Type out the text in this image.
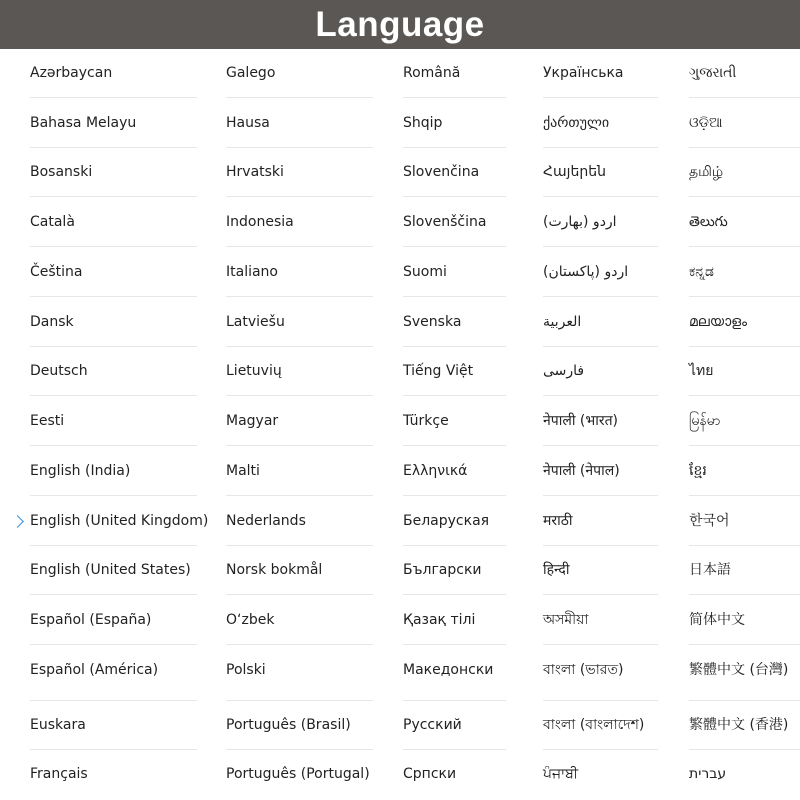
Language
Azərbaycan
Bahasa Melayu
Bosanski
Català
Čeština
Dansk
Deutsch
Eesti
English (India)
English (United Kingdom)
English (United States)
Español (España)
Español (América)
Euskara
Français
Galego
Hausa
Hrvatski
Indonesia
Italiano
Latviešu
Lietuvių
Magyar
Malti
Nederlands
Norsk bokmål
O‘zbek
Polski
Português (Brasil)
Português (Portugal)
Română
Shqip
Slovenčina
Slovenščina
Suomi
Svenska
Tiếng Việt
Türkçe
Ελληνικά
Беларуская
Български
Қазақ тілі
Македонски
Русский
Српски
Українська
ქართული
Հայերեն
اردو (بھارت)
اردو (پاکستان)
العربية
فارسی
नेपाली (भारत)
नेपाली (नेपाल)
मराठी
हिन्दी
অসমীয়া
বাংলা (ভারত)
বাংলা (বাংলাদেশ)
ਪੰਜਾਬੀ
ગુજરાતી
ଓଡ଼ିଆ
தமிழ்
తెలుగు
ಕನ್ನಡ
മലയാളം
ไทย
မြန်မာ
ខ្មែរ
한국어
日本語
简体中文
繁體中文 (台灣)
繁體中文 (香港)
עברית
